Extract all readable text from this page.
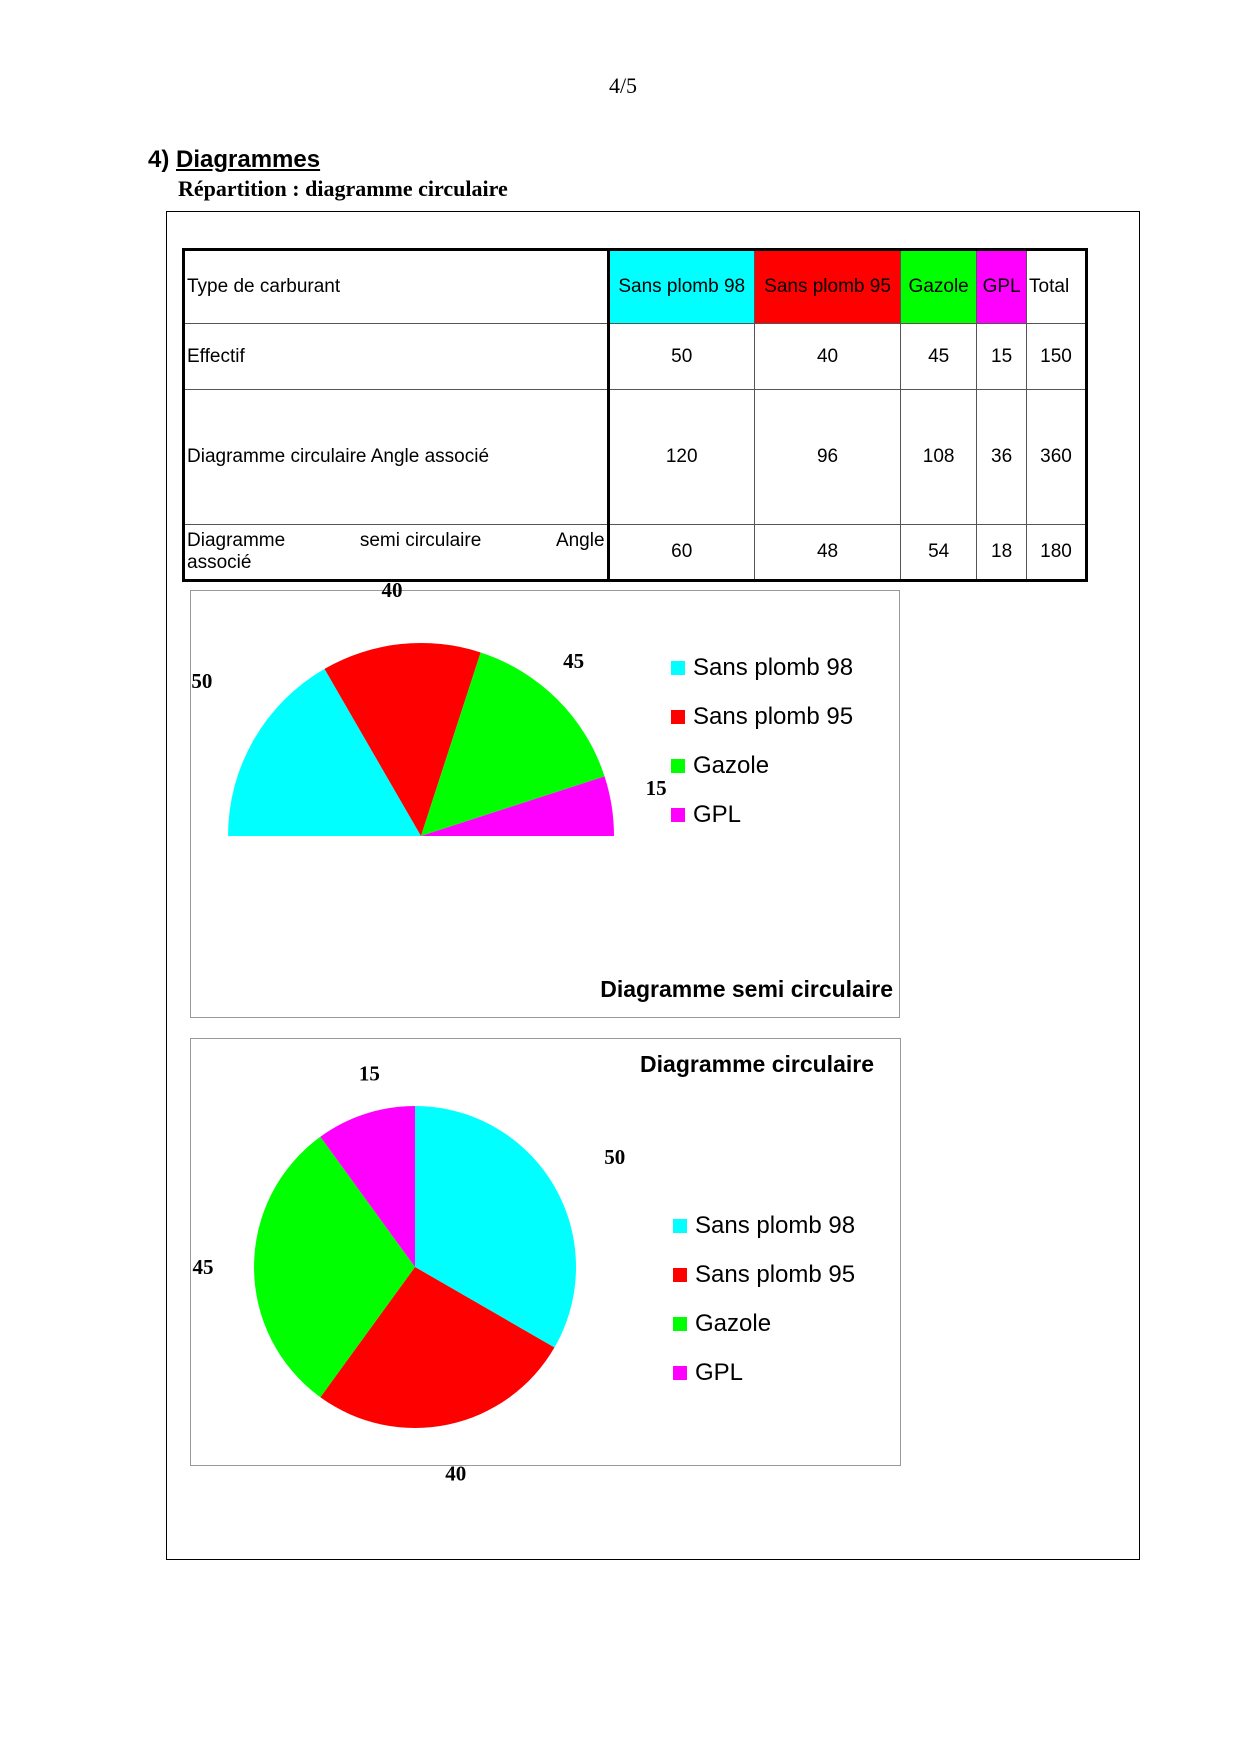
4/5
4) Diagrammes
Répartition : diagramme circulaire
Type de carburant	Sans plomb 98	Sans plomb 95	Gazole	GPL	Total
Effectif	50	40	45	15	150
Diagramme circulaire Angle associé	120	96	108	36	360

Diagramme semi circulaire Angle
associé	60	48	54	18	180
50
40
45
15
Sans plomb 98
Sans plomb 95
Gazole
GPL
Diagramme semi circulaire
50
40
45
15
Sans plomb 98
Sans plomb 95
Gazole
GPL
Diagramme circulaire
